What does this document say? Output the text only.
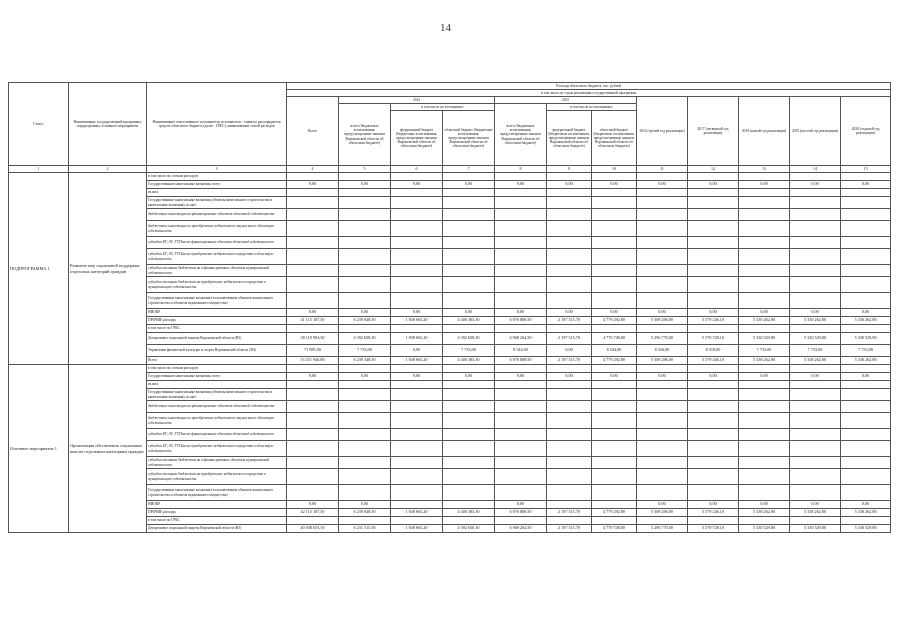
14
Статус	Наименование государственной программы, подпрограммы, основного мероприятия	Наименование ответственного исполнителя, исполнителя - главного распорядителя средств областного бюджета (далее - ГРБС), наименование статей расходов	Расходы областного бюджета, тыс. рублей											
			в том числе по годам реализации государственной программы											
			Всего	2014			2015			2016 (третий год реализации)	2017 (четвертый год реализации)	2018 (пятый год реализации)	2019 (шестой год реализации)	2020 (седьмой год реализации)
				всего (бюджетные ассигнования, предусмотренные законом Воронежской области об областном бюджете)	в том числе по источникам:		всего (бюджетные ассигнования, предусмотренные законом Воронежской области об областном бюджете)	в том числе по источникам:						
					федеральный бюджет (бюджетные ассигнования, предусмотренные законом Воронежской области об областном бюджете)	областной бюджет (бюджетные ассигнования, предусмотренные законом Воронежской области об областном бюджете)		федеральный бюджет (бюджетные ассигнования, предусмотренные законом Воронежской области об областном бюджете)	областной бюджет (бюджетные ассигнования, предусмотренные законом Воронежской области об областном бюджете)					
1	2	3	4	5	6	7	8	9	10	11	12	13	14	15
ПОДПРОГРАММА 1	Развитие мер социальной поддержки отдельных категорий граждан	в том числе по статьям расходов:												
		Государственные капитальные вложения, всего	0,00	0,00	0,00	0,00	0,00	0,00	0,00	0,00	0,00	0,00	0,00	0,00
		из них:												
		Государственные капитальные вложения (объекты капитального строительства и капитальные вложения), из них												
		бюджетные инвестиции на финансирование объектов областной собственности												
		бюджетные инвестиции на приобретение недвижимого имущества в областную собственность												
		субсидии БУ, АУ, ГУПам на финансирование объектов областной собственности												
		субсидии БУ, АУ, ГУПам на приобретение недвижимого имущества в областную собственность												
		субсидии местным бюджетам на софинансирование объектов муниципальной собственности												
		субсидии местным бюджетам на приобретение недвижимого имущества в муниципальную собственность												
		Государственные капитальные вложения (за исключением объектов капитального строительства и объектов недвижимого имущества)												
		НИОКР	0,00	0,00	0,00	0,00	0,00	0,00	0,00	0,00	0,00	0,00	0,00	0,00
		ПРОЧИЕ расходы	41 115 187,50	6 239 048,50	1 838 665,20	4 400 383,30	6 976 808,50	2 197 515,70	4 779 292,80	5 308 296,00	5 579 246,10	5 330 262,80	5 330 262,80	5 330 262,80
		в том числе по ГРБС:												
		Департамент социальной защиты Воронежской области (ВЗ)	38 119 994,30	4 392 658,30	1 838 665,20	4 392 658,30	6 968 264,50	2 197 515,70	4 770 748,80	5 296 770,00	5 570 728,10	5 330 529,80	5 330 529,80	5 330 529,80
		Управление физической культуры и спорта Воронежской области (ВЗ)	71 885,00	7 733,00	0,00	7 733,00	8 544,00	0,00	8 544,00	8 526,00	8 518,00	7 733,00	7 733,00	7 733,00
		Всего	53 331 946,80	6 239 348,50	1 838 665,20	4 400 383,30	6 976 808,50	2 197 515,70	4 779 292,80	5 308 296,00	5 579 246,10	5 338 262,80	5 338 262,80	5 338 262,80
Основное мероприятие 1	Организация обеспечения социальных выплат отдельным категориям граждан	в том числе по статьям расходов:												
		Государственные капитальные вложения, всего	0,00	0,00	0,00	0,00	0,00	0,00	0,00	0,00	0,00	0,00	0,00	0,00
		из них:												
		Государственные капитальные вложения (объекты капитального строительства и капитальные вложения), из них												
		бюджетные инвестиции на финансирование объектов областной собственности												
		бюджетные инвестиции на приобретение недвижимого имущества в областную собственность												
		субсидии БУ, АУ, ГУПам на финансирование объектов областной собственности												
		субсидии БУ, АУ, ГУПам на приобретение недвижимого имущества в областную собственность												
		субсидии местным бюджетам на софинансирование объектов муниципальной собственности												
		субсидии местным бюджетам на приобретение недвижимого имущества в муниципальную собственность												
		Государственные капитальные вложения (за исключением объектов капитального строительства и объектов недвижимого имущества)												
		НИОКР	0,00	0,00			0,00			0,00	0,00	0,00	0,00	0,00
		ПРОЧИЕ расходы	42 115 187,50	6 239 048,50	1 838 665,20	4 400 383,30	6 976 808,50	2 197 515,70	4 779 292,80	5 308 296,00	5 579 246,10	5 338 262,80	5 338 262,80	5 338 262,80
		в том числе по ГРБС:												
		Департамент социальной защиты Воронежской области (ВЗ)	40 038 653,50	6 231 315,50	1 838 665,20	4 392 650,30	6 968 264,50	2 197 515,70	4 770 748,80	5 296 770,00	5 570 728,10	5 330 529,80	5 330 529,80	5 330 529,80
